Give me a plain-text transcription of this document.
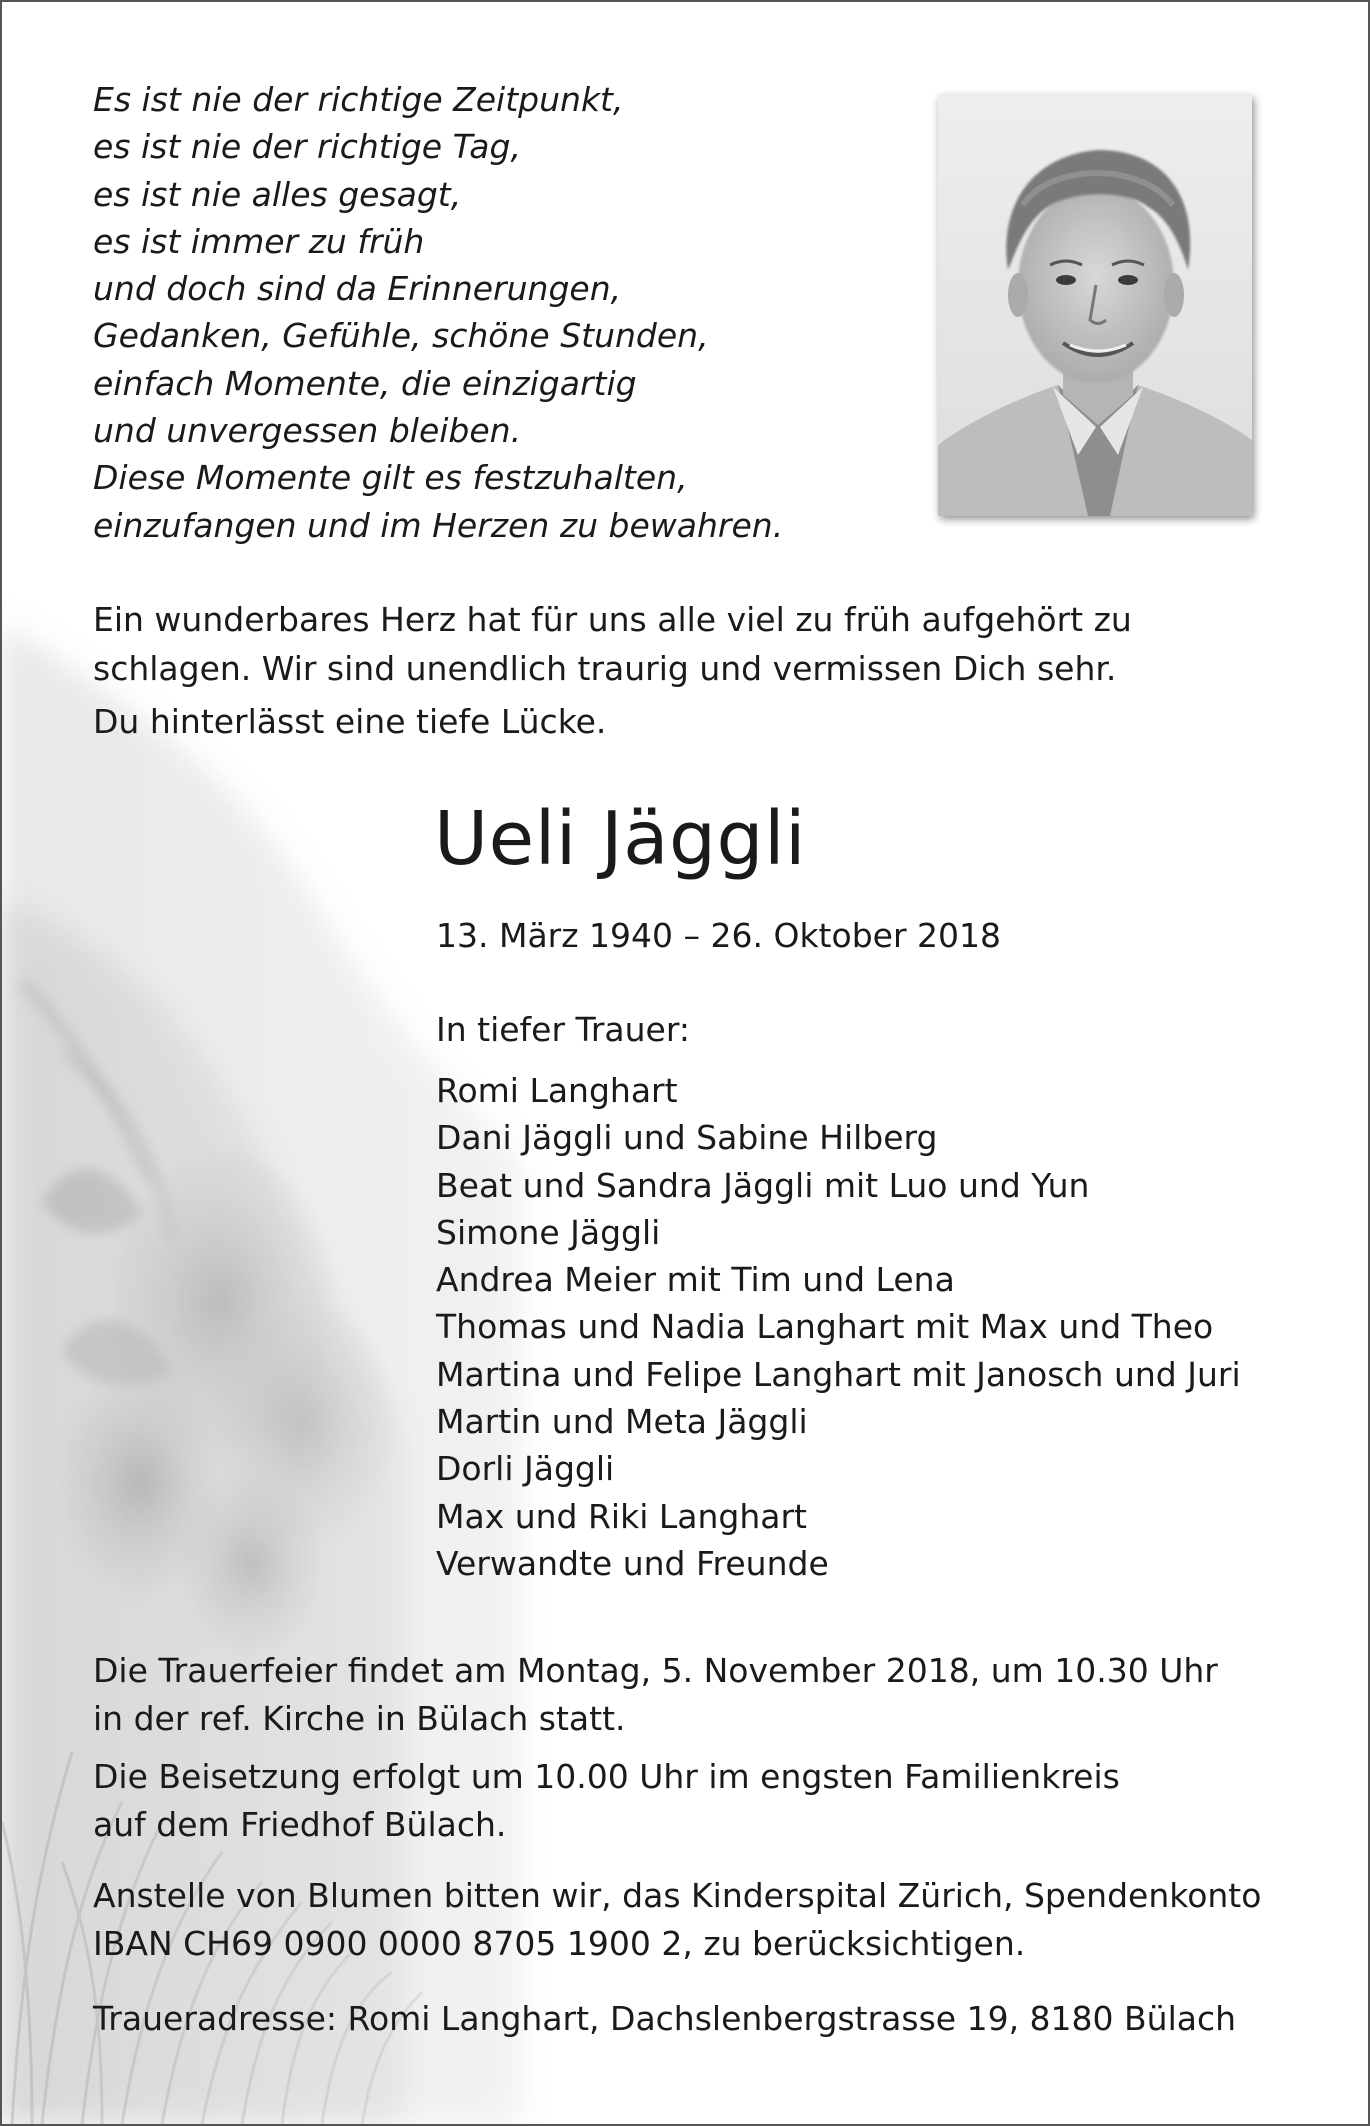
Es ist nie der richtige Zeitpunkt,
es ist nie der richtige Tag,
es ist nie alles gesagt,
es ist immer zu früh
und doch sind da Erinnerungen,
Gedanken, Gefühle, schöne Stunden,
einfach Momente, die einzigartig
und unvergessen bleiben.
Diese Momente gilt es festzuhalten,
einzufangen und im Herzen zu bewahren.
Ein wunderbares Herz hat für uns alle viel zu früh aufgehört zu
schlagen. Wir sind unendlich traurig und vermissen Dich sehr.
Du hinterlässt eine tiefe Lücke.
Ueli Jäggli
13. März 1940 – 26. Oktober 2018
In tiefer Trauer:
Romi Langhart
Dani Jäggli und Sabine Hilberg
Beat und Sandra Jäggli mit Luo und Yun
Simone Jäggli
Andrea Meier mit Tim und Lena
Thomas und Nadia Langhart mit Max und Theo
Martina und Felipe Langhart mit Janosch und Juri
Martin und Meta Jäggli
Dorli Jäggli
Max und Riki Langhart
Verwandte und Freunde
Die Trauerfeier findet am Montag, 5. November 2018, um 10.30 Uhr
in der ref. Kirche in Bülach statt.
Die Beisetzung erfolgt um 10.00 Uhr im engsten Familienkreis
auf dem Friedhof Bülach.
Anstelle von Blumen bitten wir, das Kinderspital Zürich, Spendenkonto
IBAN CH69 0900 0000 8705 1900 2, zu berücksichtigen.
Traueradresse: Romi Langhart, Dachslenbergstrasse 19, 8180 Bülach
